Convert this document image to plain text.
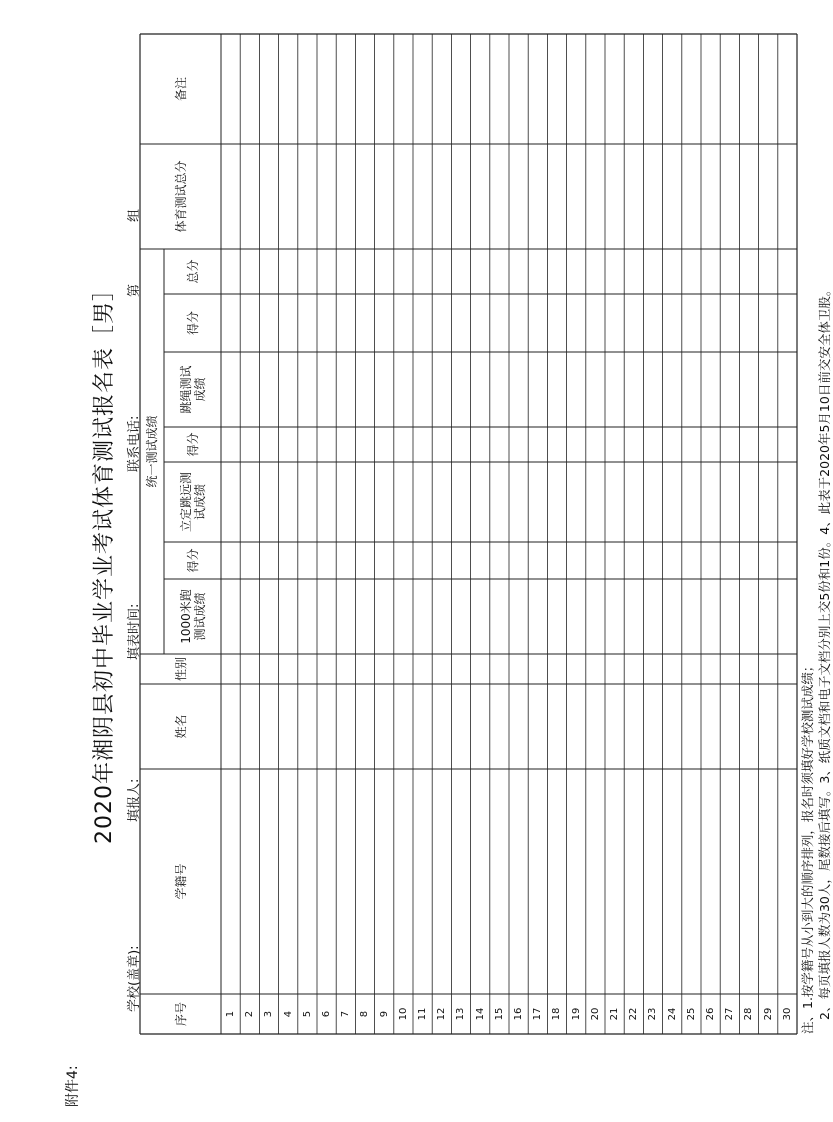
附件4:
2020年湘阴县初中毕业学业考试体育测试报名表［男］
学校(盖章):
填报人:
填表时间:
联系电话:
第
组
序号
学籍号
姓名
性别
统一测试成绩
1000米跑
测试成绩
得分
立定跳远测
试成绩
得分
跳绳测试
成绩
得分
总分
体育测试总分
备注
1 2 3 4 5 6 7 8 9 10 11 12 13 14 15 16 17 18 19 20 21 22 23 24 25 26 27 28 29 30 注、1.按学籍号从小到大的顺序排列，报名时须填好学校测试成绩； 2、每页填报人数为30人，尾数接后填写。3、纸质文档和电子文档分别上交5份和1份。4、此表于2020年5月10日前交安全体卫股。
